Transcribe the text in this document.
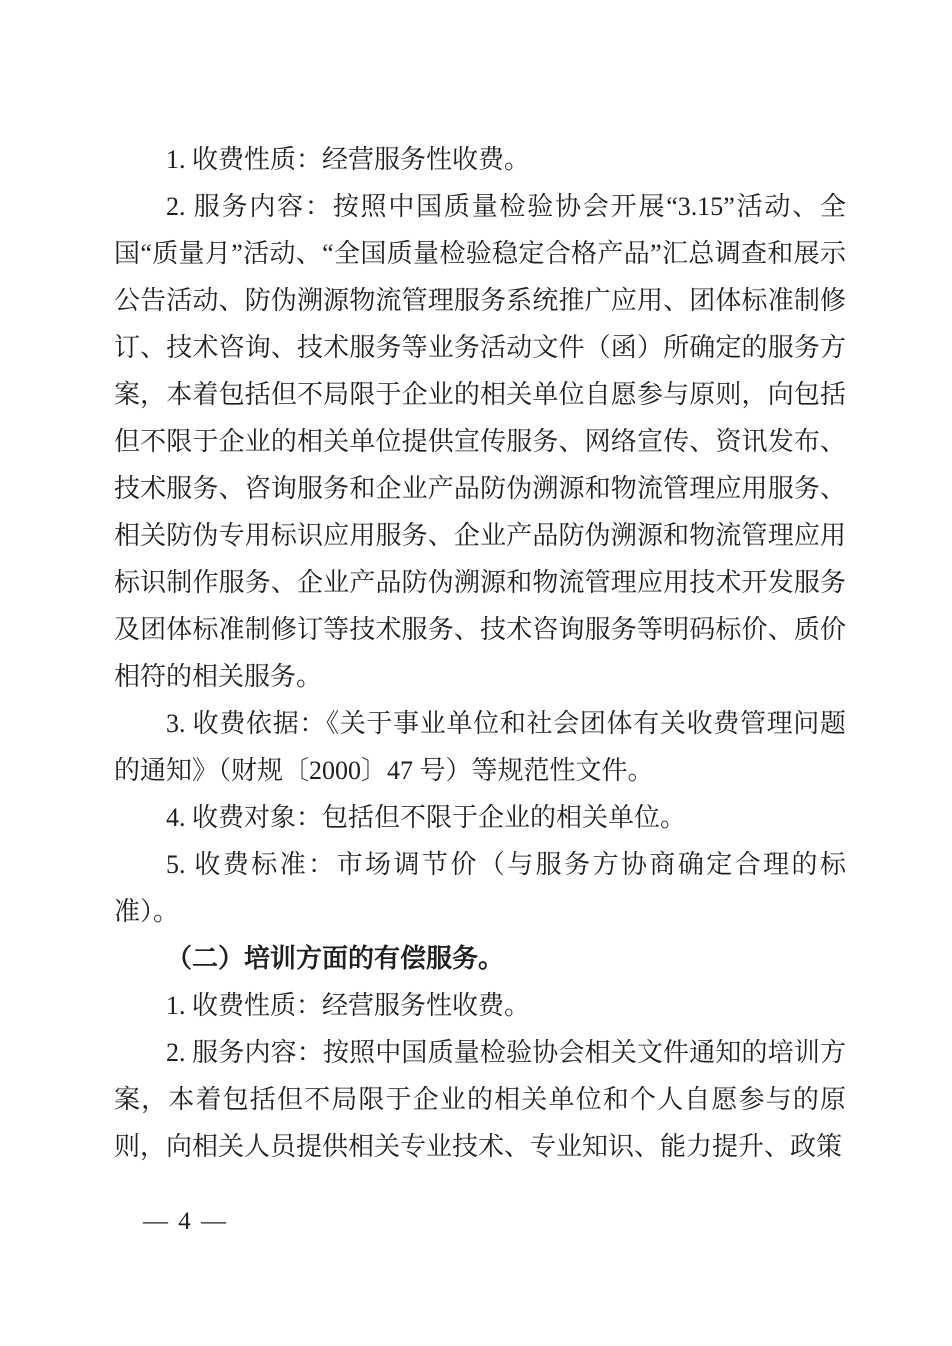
1. 收费性质：经营服务性收费。

2. 服务内容：按照中国质量检验协会开展“3.15”活动、全国“质量月”活动、“全国质量检验稳定合格产品”汇总调查和展示公告活动、防伪溯源物流管理服务系统推广应用、团体标准制修订、技术咨询、技术服务等业务活动文件（函）所确定的服务方案，本着包括但不局限于企业的相关单位自愿参与原则，向包括但不限于企业的相关单位提供宣传服务、网络宣传、资讯发布、技术服务、咨询服务和企业产品防伪溯源和物流管理应用服务、相关防伪专用标识应用服务、企业产品防伪溯源和物流管理应用标识制作服务、企业产品防伪溯源和物流管理应用技术开发服务及团体标准制修订等技术服务、技术咨询服务等明码标价、质价相符的相关服务。

3. 收费依据：《关于事业单位和社会团体有关收费管理问题的通知》（财规〔2000〕47 号）等规范性文件。

4. 收费对象：包括但不限于企业的相关单位。

5. 收费标准：市场调节价（与服务方协商确定合理的标准）。

（二）培训方面的有偿服务。

1. 收费性质：经营服务性收费。

2. 服务内容：按照中国质量检验协会相关文件通知的培训方案，本着包括但不局限于企业的相关单位和个人自愿参与的原则，向相关人员提供相关专业技术、专业知识、能力提升、政策

— 4 —
